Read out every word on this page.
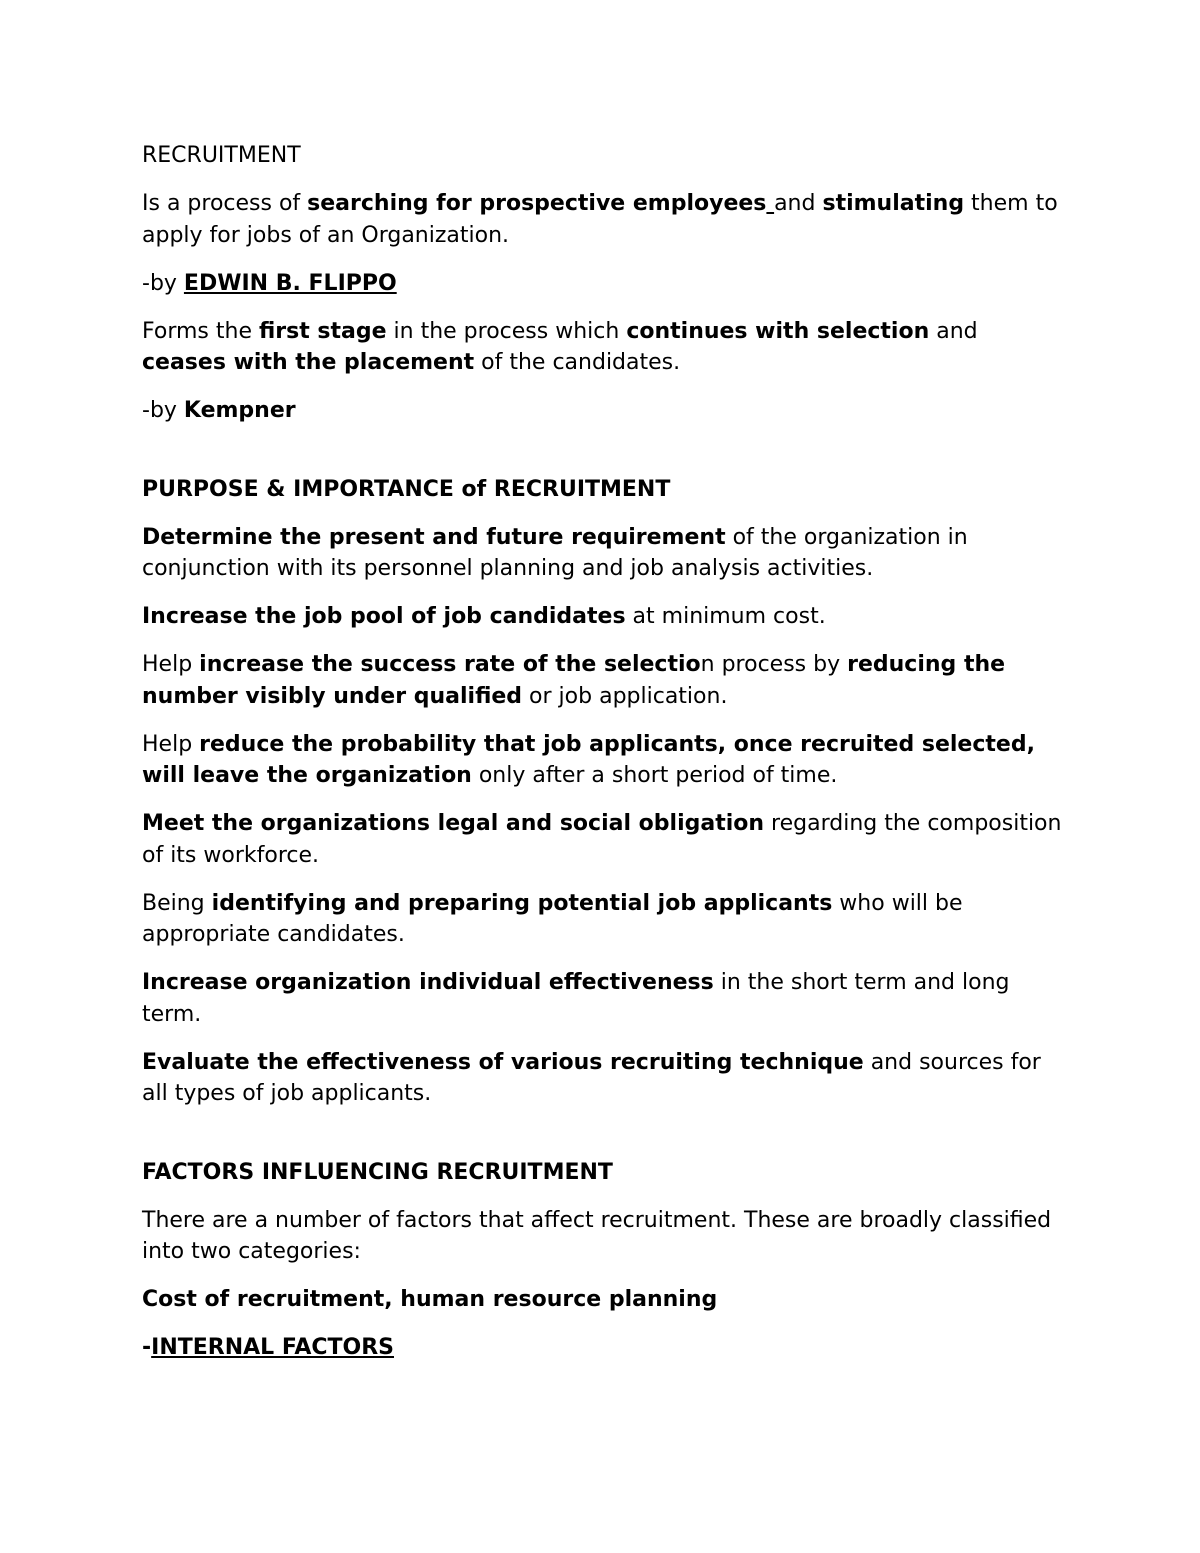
RECRUITMENT

Is a process of searching for prospective employees and stimulating them to apply for jobs of an Organization.

-by EDWIN B. FLIPPO

Forms the first stage in the process which continues with selection and ceases with the placement of the candidates.

-by Kempner

PURPOSE & IMPORTANCE of RECRUITMENT

Determine the present and future requirement of the organization in conjunction with its personnel planning and job analysis activities.

Increase the job pool of job candidates at minimum cost.

Help increase the success rate of the selection process by reducing the number visibly under qualified or job application.

Help reduce the probability that job applicants, once recruited selected, will leave the organization only after a short period of time.

Meet the organizations legal and social obligation regarding the composition of its workforce.

Being identifying and preparing potential job applicants who will be appropriate candidates.

Increase organization individual effectiveness in the short term and long term.

Evaluate the effectiveness of various recruiting technique and sources for all types of job applicants.

FACTORS INFLUENCING RECRUITMENT

There are a number of factors that affect recruitment. These are broadly classified into two categories:

Cost of recruitment, human resource planning

-INTERNAL FACTORS
